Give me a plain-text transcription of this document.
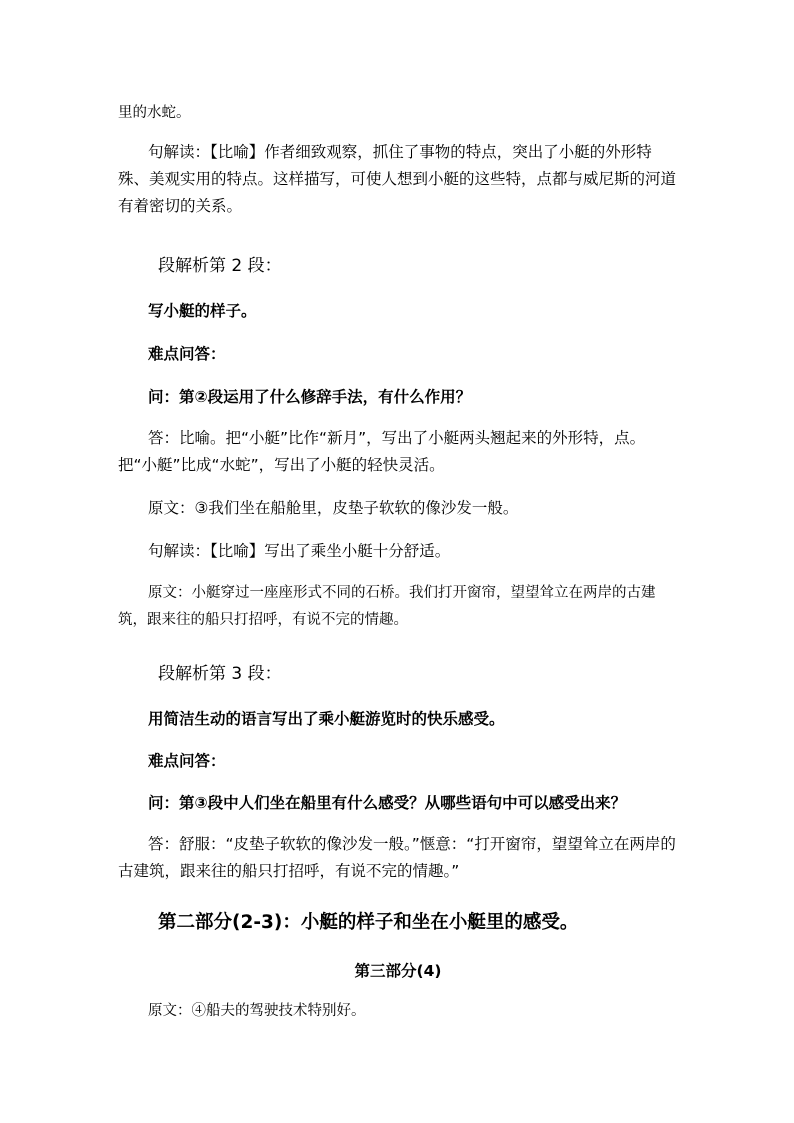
里的水蛇。

句解读：【比喻】作者细致观察，抓住了事物的特点，突出了小艇的外形特殊、美观实用的特点。这样描写，可使人想到小艇的这些特，点都与威尼斯的河道有着密切的关系。

段解析第 2 段：

写小艇的样子。

难点问答：

问：第②段运用了什么修辞手法，有什么作用？

答：比喻。把“小艇”比作“新月”，写出了小艇两头翘起来的外形特，点。
把“小艇”比成“水蛇”，写出了小艇的轻快灵活。

原文：③我们坐在船舱里，皮垫子软软的像沙发一般。

句解读：【比喻】写出了乘坐小艇十分舒适。

原文：小艇穿过一座座形式不同的石桥。我们打开窗帘，望望耸立在两岸的古建筑，跟来往的船只打招呼，有说不完的情趣。

段解析第 3 段：

用简洁生动的语言写出了乘小艇游览时的快乐感受。

难点问答：

问：第③段中人们坐在船里有什么感受？从哪些语句中可以感受出来？

答：舒服：“皮垫子软软的像沙发一般。”惬意：“打开窗帘，望望耸立在两岸的古建筑，跟来往的船只打招呼，有说不完的情趣。”

第二部分(2-3)：小艇的样子和坐在小艇里的感受。

第三部分(4)

原文：④船夫的驾驶技术特别好。
